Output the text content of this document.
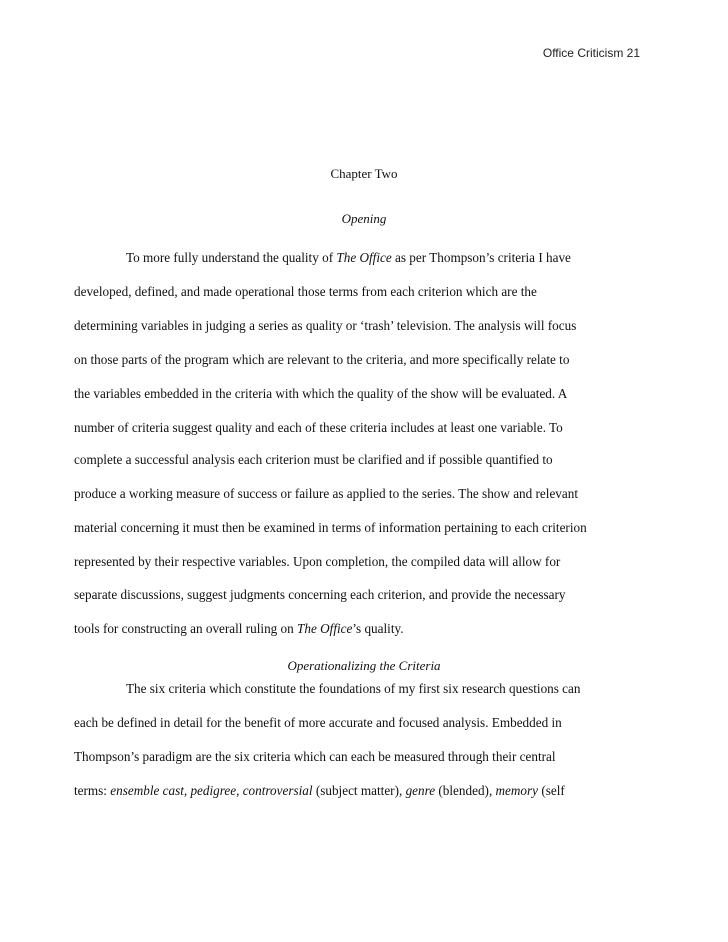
Office Criticism 21
Chapter Two
Opening
To more fully understand the quality of The Office as per Thompson’s criteria I have
developed, defined, and made operational those terms from each criterion which are the
determining variables in judging a series as quality or ‘trash’ television. The analysis will focus
on those parts of the program which are relevant to the criteria, and more specifically relate to
the variables embedded in the criteria with which the quality of the show will be evaluated. A
number of criteria suggest quality and each of these criteria includes at least one variable. To
complete a successful analysis each criterion must be clarified and if possible quantified to
produce a working measure of success or failure as applied to the series. The show and relevant
material concerning it must then be examined in terms of information pertaining to each criterion
represented by their respective variables. Upon completion, the compiled data will allow for
separate discussions, suggest judgments concerning each criterion, and provide the necessary
tools for constructing an overall ruling on The Office’s quality.
Operationalizing the Criteria
The six criteria which constitute the foundations of my first six research questions can
each be defined in detail for the benefit of more accurate and focused analysis. Embedded in
Thompson’s paradigm are the six criteria which can each be measured through their central
terms: ensemble cast, pedigree, controversial (subject matter), genre (blended), memory (self
